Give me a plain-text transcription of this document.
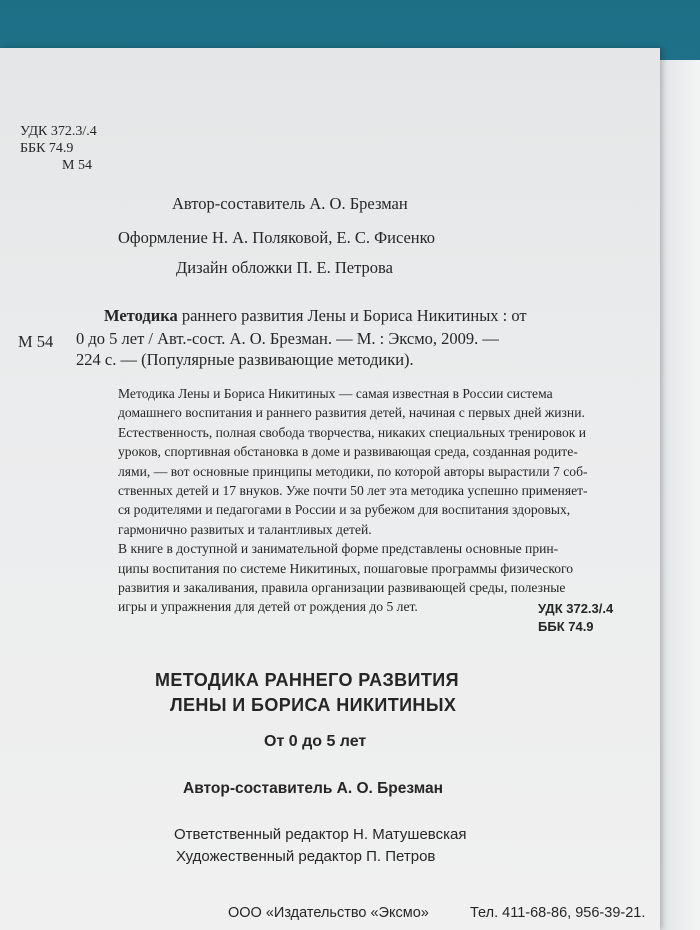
УДК 372.3/.4
ББК 74.9
М 54
Автор-составитель А. О. Брезман
Оформление Н. А. Поляковой, Е. С. Фисенко
Дизайн обложки П. Е. Петрова
М 54
Методика раннего развития Лены и Бориса Никитиных : от
0 до 5 лет / Авт.-сост. А. О. Брезман. — М. : Эксмо, 2009. —
224 с. — (Популярные развивающие методики).
Методика Лены и Бориса Никитиных — самая известная в России система
домашнего воспитания и раннего развития детей, начиная с первых дней жизни.
Естественность, полная свобода творчества, никаких специальных тренировок и
уроков, спортивная обстановка в доме и развивающая среда, созданная родите-
лями, — вот основные принципы методики, по которой авторы вырастили 7 соб-
ственных детей и 17 внуков. Уже почти 50 лет эта методика успешно применяет-
ся родителями и педагогами в России и за рубежом для воспитания здоровых,
гармонично развитых и талантливых детей.
В книге в доступной и занимательной форме представлены основные прин-
ципы воспитания по системе Никитиных, пошаговые программы физического
развития и закаливания, правила организации развивающей среды, полезные
игры и упражнения для детей от рождения до 5 лет.	УДК 372.3/.4
ББК 74.9
МЕТОДИКА РАННЕГО РАЗВИТИЯ
ЛЕНЫ И БОРИСА НИКИТИНЫХ
От 0 до 5 лет
Автор-составитель А. О. Брезман
Ответственный редактор Н. Матушевская
Художественный редактор П. Петров
ООО «Издательство «Эксмо»	Тел. 411-68-86, 956-39-21.
